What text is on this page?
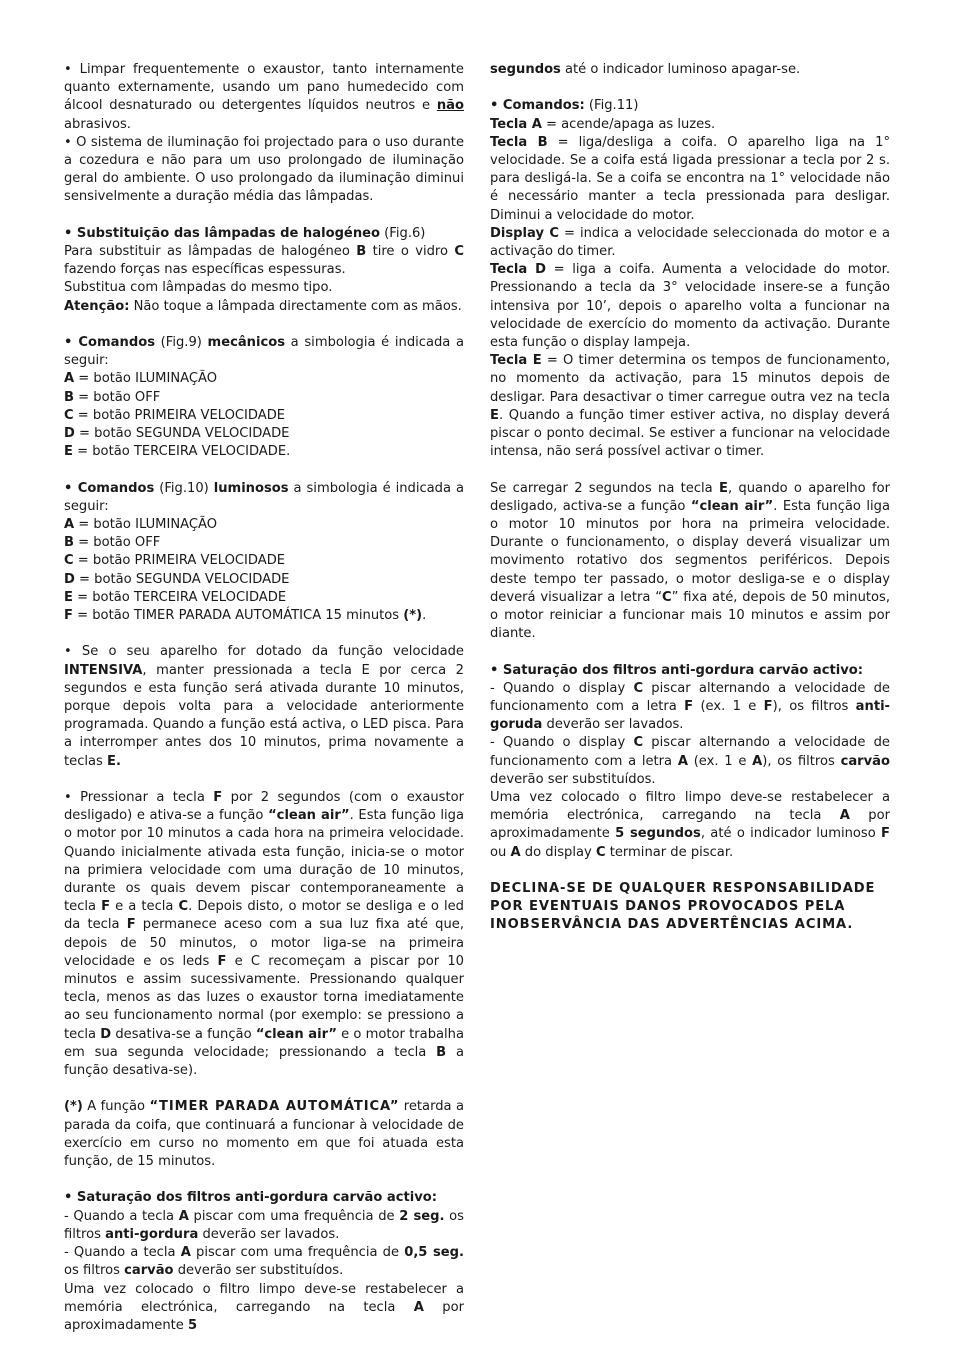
• Limpar frequentemente o exaustor, tanto internamente quanto externamente, usando um pano humedecido com álcool desnaturado ou detergentes líquidos neutros e não abrasivos.

• O sistema de iluminação foi projectado para o uso durante a cozedura e não para um uso prolongado de iluminação geral do ambiente. O uso prolongado da iluminação diminui sensivelmente a duração média das lâmpadas.

• Substituição das lâmpadas de halogéneo (Fig.6)

Para substituir as lâmpadas de halogéneo B tire o vidro C fazendo forças nas específicas espessuras.

Substitua com lâmpadas do mesmo tipo.

Atenção: Não toque a lâmpada directamente com as mãos.

• Comandos (Fig.9) mecânicos a simbologia é indicada a seguir:

A = botão ILUMINAÇÃO

B = botão OFF

C = botão PRIMEIRA VELOCIDADE

D = botão SEGUNDA VELOCIDADE

E = botão TERCEIRA VELOCIDADE.

• Comandos (Fig.10) luminosos a simbologia é indicada a seguir:

A = botão ILUMINAÇÃO

B = botão OFF

C = botão PRIMEIRA VELOCIDADE

D = botão SEGUNDA VELOCIDADE

E = botão TERCEIRA VELOCIDADE

F = botão TIMER PARADA AUTOMÁTICA 15 minutos (*).

• Se o seu aparelho for dotado da função velocidade INTENSIVA, manter pressionada a tecla E por cerca 2 segundos e esta função será ativada durante 10 minutos, porque depois volta para a velocidade anteriormente programada. Quando a função está activa, o LED pisca. Para a interromper antes dos 10 minutos, prima novamente a teclas E.

• Pressionar a tecla F por 2 segundos (com o exaustor desligado) e ativa-se a função “clean air”. Esta função liga o motor por 10 minutos a cada hora na primeira velocidade. Quando inicialmente ativada esta função, inicia-se o motor na primiera velocidade com uma duração de 10 minutos, durante os quais devem piscar contemporaneamente a tecla F e a tecla C. Depois disto, o motor se desliga e o led da tecla F permanece aceso com a sua luz fixa até que, depois de 50 minutos, o motor liga-se na primeira velocidade e os leds F e C recomeçam a piscar por 10 minutos e assim sucessivamente. Pressionando qualquer tecla, menos as das luzes o exaustor torna imediatamente ao seu funcionamento normal (por exemplo: se pressiono a tecla D desativa-se a função “clean air” e o motor trabalha em sua segunda velocidade; pressionando a tecla B a função desativa-se).

(*) A função “TIMER PARADA AUTOMÁTICA” retarda a parada da coifa, que continuará a funcionar à velocidade de exercício em curso no momento em que foi atuada esta função, de 15 minutos.

• Saturação dos filtros anti-gordura carvão activo:

- Quando a tecla A piscar com uma frequência de 2 seg. os filtros anti-gordura deverão ser lavados.

- Quando a tecla A piscar com uma frequência de 0,5 seg. os filtros carvão deverão ser substituídos.

Uma vez colocado o filtro limpo deve-se restabelecer a memória electrónica, carregando na tecla A por aproximadamente 5

segundos até o indicador luminoso apagar-se.

• Comandos: (Fig.11)

Tecla A = acende/apaga as luzes.

Tecla B = liga/desliga a coifa. O aparelho liga na 1° velocidade. Se a coifa está ligada pressionar a tecla por 2 s. para desligá-la. Se a coifa se encontra na 1° velocidade não é necessário manter a tecla pressionada para desligar. Diminui a velocidade do motor.

Display C = indica a velocidade seleccionada do motor e a activação do timer.

Tecla D = liga a coifa. Aumenta a velocidade do motor. Pressionando a tecla da 3° velocidade insere-se a função intensiva por 10’, depois o aparelho volta a funcionar na velocidade de exercício do momento da activação. Durante esta função o display lampeja.

Tecla E = O timer determina os tempos de funcionamento, no momento da activação, para 15 minutos depois de desligar. Para desactivar o timer carregue outra vez na tecla E. Quando a função timer estiver activa, no display deverá piscar o ponto decimal. Se estiver a funcionar na velocidade intensa, não será possível activar o timer.

Se carregar 2 segundos na tecla E, quando o aparelho for desligado, activa-se a função “clean air”. Esta função liga o motor 10 minutos por hora na primeira velocidade. Durante o funcionamento, o display deverá visualizar um movimento rotativo dos segmentos periféricos. Depois deste tempo ter passado, o motor desliga-se e o display deverá visualizar a letra “C” fixa até, depois de 50 minutos, o motor reiniciar a funcionar mais 10 minutos e assim por diante.

• Saturação dos filtros anti-gordura carvão activo:

- Quando o display C piscar alternando a velocidade de funcionamento com a letra F (ex. 1 e F), os filtros anti-goruda deverão ser lavados.

- Quando o display C piscar alternando a velocidade de funcionamento com a letra A (ex. 1 e A), os filtros carvão deverão ser substituídos.

Uma vez colocado o filtro limpo deve-se restabelecer a memória electrónica, carregando na tecla A por aproximadamente 5 segundos, até o indicador luminoso F ou A do display C terminar de piscar.

DECLINA-SE DE QUALQUER RESPONSABILIDADE POR EVENTUAIS DANOS PROVOCADOS PELA INOBSERVÂNCIA DAS ADVERTÊNCIAS ACIMA.
